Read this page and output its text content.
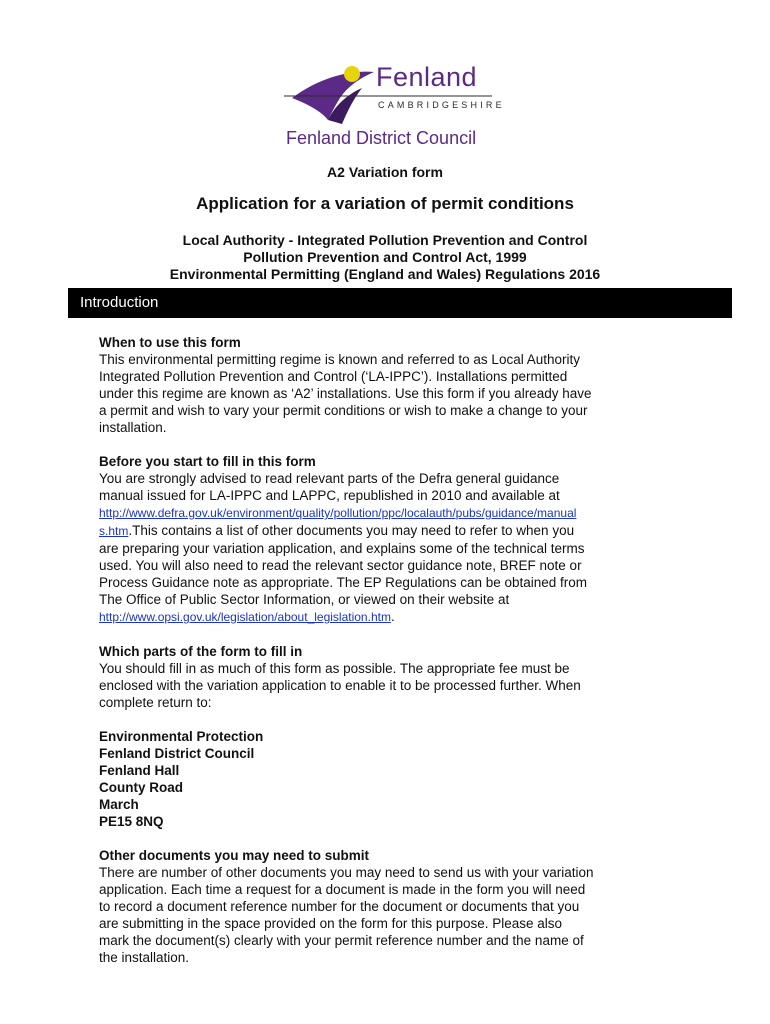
Fenland
CAMBRIDGESHIRE
Fenland District Council
A2 Variation form
Application for a variation of permit conditions
Local Authority - Integrated Pollution Prevention and Control
Pollution Prevention and Control Act, 1999
Environmental Permitting (England and Wales) Regulations 2016
Introduction

When to use this form

This environmental permitting regime is known and referred to as Local Authority

Integrated Pollution Prevention and Control (‘LA-IPPC’). Installations permitted

under this regime are known as ‘A2’ installations. Use this form if you already have

a permit and wish to vary your permit conditions or wish to make a change to your

installation.

Before you start to fill in this form

You are strongly advised to read relevant parts of the Defra general guidance

manual issued for LA-IPPC and LAPPC, republished in 2010 and available at

http://www.defra.gov.uk/environment/quality/pollution/ppc/localauth/pubs/guidance/manual

s.htm.This contains a list of other documents you may need to refer to when you

are preparing your variation application, and explains some of the technical terms

used. You will also need to read the relevant sector guidance note, BREF note or

Process Guidance note as appropriate. The EP Regulations can be obtained from

The Office of Public Sector Information, or viewed on their website at

http://www.opsi.gov.uk/legislation/about_legislation.htm.

Which parts of the form to fill in

You should fill in as much of this form as possible. The appropriate fee must be

enclosed with the variation application to enable it to be processed further. When

complete return to:

Environmental Protection

Fenland District Council

Fenland Hall

County Road

March

PE15 8NQ

Other documents you may need to submit

There are number of other documents you may need to send us with your variation

application. Each time a request for a document is made in the form you will need

to record a document reference number for the document or documents that you

are submitting in the space provided on the form for this purpose. Please also

mark the document(s) clearly with your permit reference number and the name of

the installation.
